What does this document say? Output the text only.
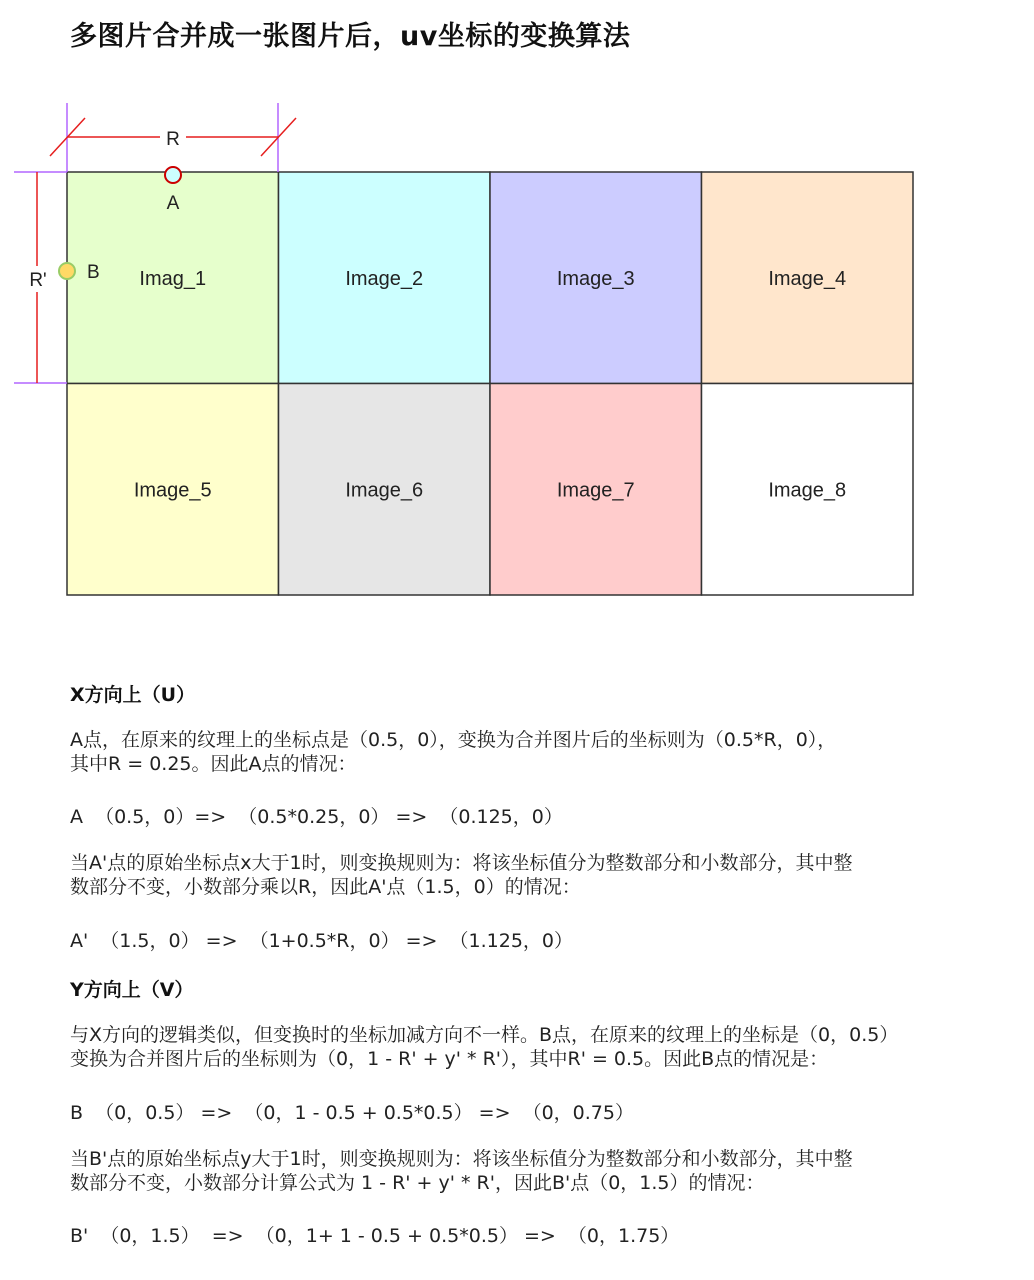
多图片合并成一张图片后，uv坐标的变换算法
Imag_1	Image_2	Image_3	Image_4
Image_5	Image_6	Image_7	Image_8
R
R'
A
B
X方向上（U）

A点，在原来的纹理上的坐标点是（0.5，0），变换为合并图片后的坐标则为（0.5*R，0），
其中R = 0.25。因此A点的情况：

A  （0.5，0）=>  （0.5*0.25，0） =>  （0.125，0）

当A'点的原始坐标点x大于1时，则变换规则为：将该坐标值分为整数部分和小数部分，其中整
数部分不变，小数部分乘以R，因此A'点（1.5，0）的情况：

A'  （1.5，0） =>  （1+0.5*R，0） =>  （1.125，0）

Y方向上（V）

与X方向的逻辑类似，但变换时的坐标加减方向不一样。B点，在原来的纹理上的坐标是（0，0.5）
变换为合并图片后的坐标则为（0，1 - R' + y' * R'），其中R' = 0.5。因此B点的情况是：

B  （0，0.5） =>  （0，1 - 0.5 + 0.5*0.5） =>  （0，0.75）

当B'点的原始坐标点y大于1时，则变换规则为：将该坐标值分为整数部分和小数部分，其中整
数部分不变，小数部分计算公式为 1 - R' + y' * R'，因此B'点（0，1.5）的情况：

B'  （0，1.5）  =>  （0，1+ 1 - 0.5 + 0.5*0.5） =>  （0，1.75）
